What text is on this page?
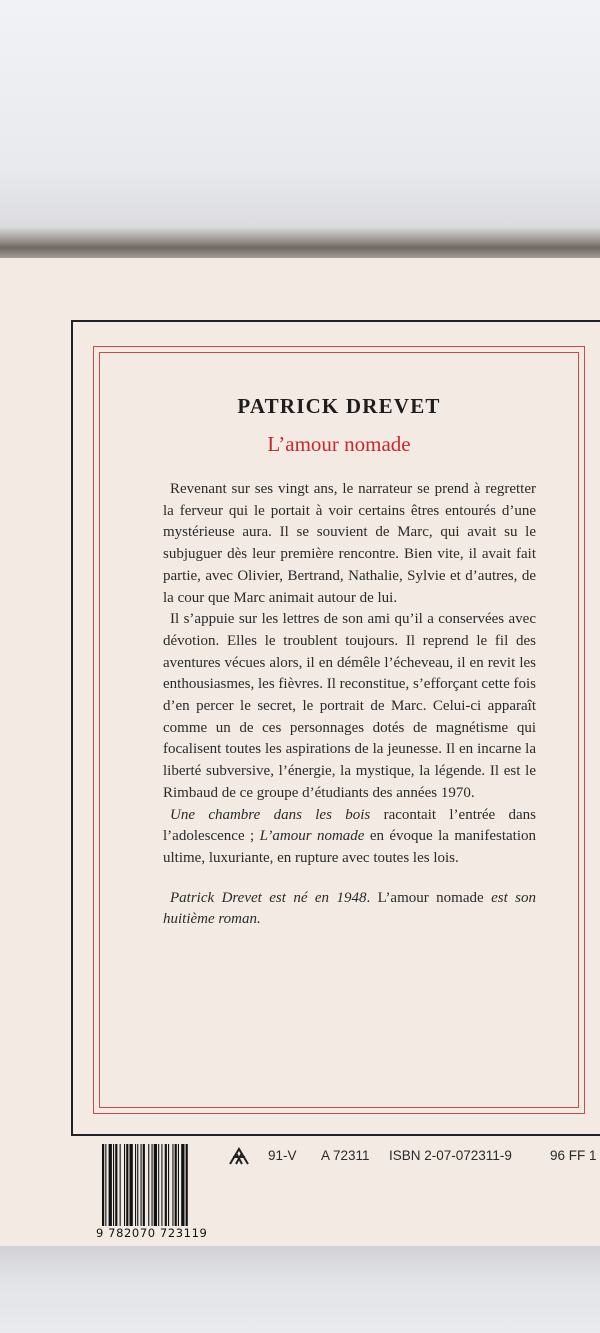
PATRICK DREVET
L’amour nomade

Revenant sur ses vingt ans, le narrateur se prend à regretter la ferveur qui le portait à voir certains êtres entourés d’une mystérieuse aura. Il se souvient de Marc, qui avait su le subjuguer dès leur première rencontre. Bien vite, il avait fait partie, avec Olivier, Bertrand, Nathalie, Sylvie et d’autres, de la cour que Marc animait autour de lui.

Il s’appuie sur les lettres de son ami qu’il a conservées avec dévotion. Elles le troublent toujours. Il reprend le fil des aventures vécues alors, il en démêle l’écheveau, il en revit les enthousiasmes, les fièvres. Il reconstitue, s’efforçant cette fois d’en percer le secret, le portrait de Marc. Celui-ci apparaît comme un de ces personnages dotés de magnétisme qui focalisent toutes les aspirations de la jeunesse. Il en incarne la liberté subversive, l’énergie, la mystique, la légende. Il est le Rimbaud de ce groupe d’étudiants des années 1970.

Une chambre dans les bois racontait l’entrée dans l’adolescence ; L’amour nomade en évoque la manifestation ultime, luxuriante, en rupture avec toutes les lois.

Patrick Drevet est né en 1948. L’amour nomade est son huitième roman.

9 782070 723119
91-V A 72311 ISBN 2-07-072311-9	96 FF 1
